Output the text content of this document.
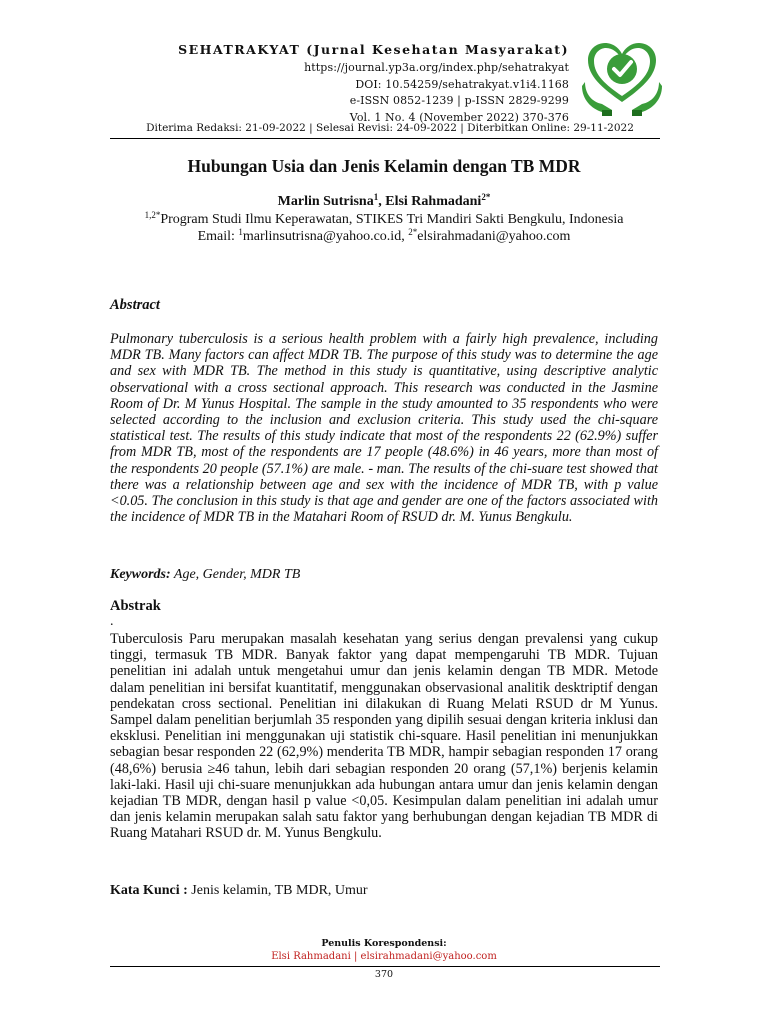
SEHATRAKYAT (Jurnal Kesehatan Masyarakat)
https://journal.yp3a.org/index.php/sehatrakyat
DOI: 10.54259/sehatrakyat.v1i4.1168
e-ISSN 0852-1239 | p-ISSN 2829-9299
Vol. 1 No. 4 (November 2022) 370-376
Diterima Redaksi: 21-09-2022 | Selesai Revisi: 24-09-2022 | Diterbitkan Online: 29-11-2022
Hubungan Usia dan Jenis Kelamin dengan TB MDR
Marlin Sutrisna$^1$, Elsi Rahmadani$^{2*}$
$^{1,2*}$Program Studi Ilmu Keperawatan, STIKES Tri Mandiri Sakti Bengkulu, Indonesia
Email: $^1$marlinsutrisna@yahoo.co.id, $^{2*}$elsirahmadani@yahoo.com
Abstract

Pulmonary tuberculosis is a serious health problem with a fairly high prevalence, including MDR TB. Many factors can affect MDR TB. The purpose of this study was to determine the age and sex with MDR TB. The method in this study is quantitative, using descriptive analytic observational with a cross sectional approach. This research was conducted in the Jasmine Room of Dr. M Yunus Hospital. The sample in the study amounted to 35 respondents who were selected according to the inclusion and exclusion criteria. This study used the chi-square statistical test. The results of this study indicate that most of the respondents 22 (62.9%) suffer from MDR TB, most of the respondents are 17 people (48.6%) in 46 years, more than most of the respondents 20 people (57.1%) are male. - man. The results of the chi-suare test showed that there was a relationship between age and sex with the incidence of MDR TB, with p value <0.05. The conclusion in this study is that age and gender are one of the factors associated with the incidence of MDR TB in the Matahari Room of RSUD dr. M. Yunus Bengkulu.

Keywords: Age, Gender, MDR TB
Abstrak
.

Tuberculosis Paru merupakan masalah kesehatan yang serius dengan prevalensi yang cukup tinggi, termasuk TB MDR. Banyak faktor yang dapat mempengaruhi TB MDR. Tujuan penelitian ini adalah untuk mengetahui umur dan jenis kelamin dengan TB MDR. Metode dalam penelitian ini bersifat kuantitatif, menggunakan observasional analitik desktriptif dengan pendekatan cross sectional. Penelitian ini dilakukan di Ruang Melati RSUD dr M Yunus. Sampel dalam penelitian berjumlah 35 responden yang dipilih sesuai dengan kriteria inklusi dan eksklusi. Penelitian ini menggunakan uji statistik chi-square. Hasil penelitian ini menunjukkan sebagian besar responden 22 (62,9%) menderita TB MDR, hampir sebagian responden 17 orang (48,6%) berusia ≥46 tahun, lebih dari sebagian responden 20 orang (57,1%) berjenis kelamin laki-laki. Hasil uji chi-suare menunjukkan ada hubungan antara umur dan jenis kelamin dengan kejadian TB MDR, dengan hasil p value <0,05. Kesimpulan dalam penelitian ini adalah umur dan jenis kelamin merupakan salah satu faktor yang berhubungan dengan kejadian TB MDR di Ruang Matahari RSUD dr. M. Yunus Bengkulu.

Kata Kunci : Jenis kelamin, TB MDR, Umur
Penulis Korespondensi:
Elsi Rahmadani | elsirahmadani@yahoo.com
370
